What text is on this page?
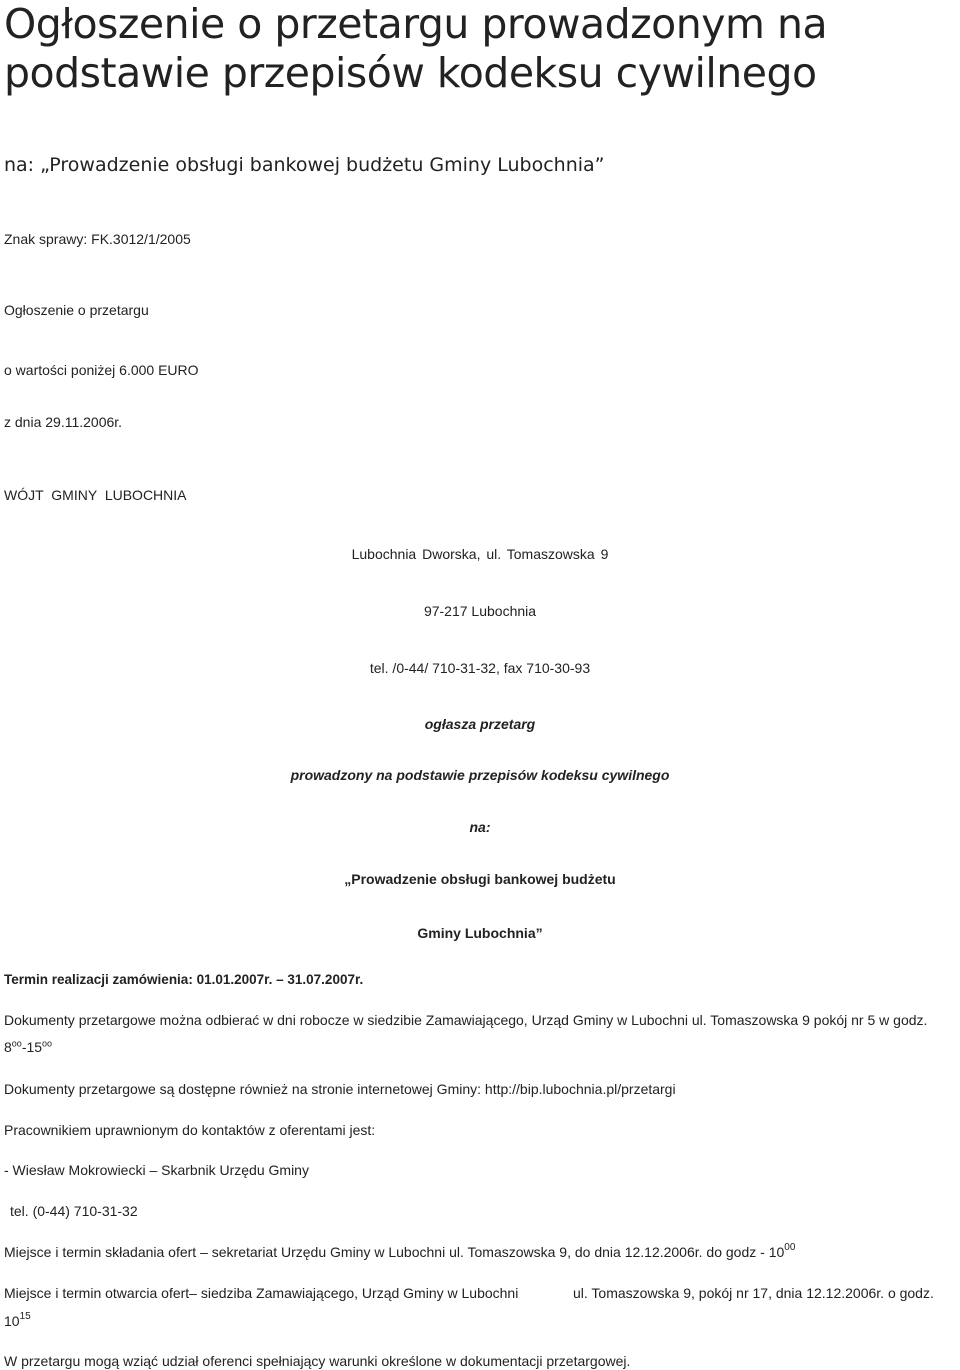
Ogłoszenie o przetargu prowadzonym na podstawie przepisów kodeksu cywilnego
na: „Prowadzenie obsługi bankowej budżetu Gminy Lubochnia”
Znak sprawy: FK.3012/1/2005
Ogłoszenie o przetargu
o wartości poniżej 6.000 EURO
z dnia 29.11.2006r.
WÓJT GMINY LUBOCHNIA
Lubochnia Dworska, ul. Tomaszowska 9
97-217 Lubochnia
tel. /0-44/ 710-31-32, fax 710-30-93
ogłasza przetarg
prowadzony na podstawie przepisów kodeksu cywilnego
na:
„Prowadzenie obsługi bankowej budżetu
Gminy Lubochnia”
Termin realizacji zamówienia: 01.01.2007r. – 31.07.2007r.
Dokumenty przetargowe można odbierać w dni robocze w siedzibie Zamawiającego, Urząd Gminy w Lubochni ul. Tomaszowska 9 pokój nr 5 w godz.
$8^{oo}-15^{oo}$
Dokumenty przetargowe są dostępne również na stronie internetowej Gminy: http://bip.lubochnia.pl/przetargi
Pracownikiem uprawnionym do kontaktów z oferentami jest:
- Wiesław Mokrowiecki – Skarbnik Urzędu Gminy
tel. (0-44) 710-31-32
Miejsce i termin składania ofert – sekretariat Urzędu Gminy w Lubochni ul. Tomaszowska 9, do dnia 12.12.2006r. do godz - $10^{00}$
Miejsce i termin otwarcia ofert– siedziba Zamawiającego, Urząd Gminy w Lubochni	ul. Tomaszowska 9, pokój nr 17, dnia 12.12.2006r. o godz.
$10^{15}$
W przetargu mogą wziąć udział oferenci spełniający warunki określone w dokumentacji przetargowej.
